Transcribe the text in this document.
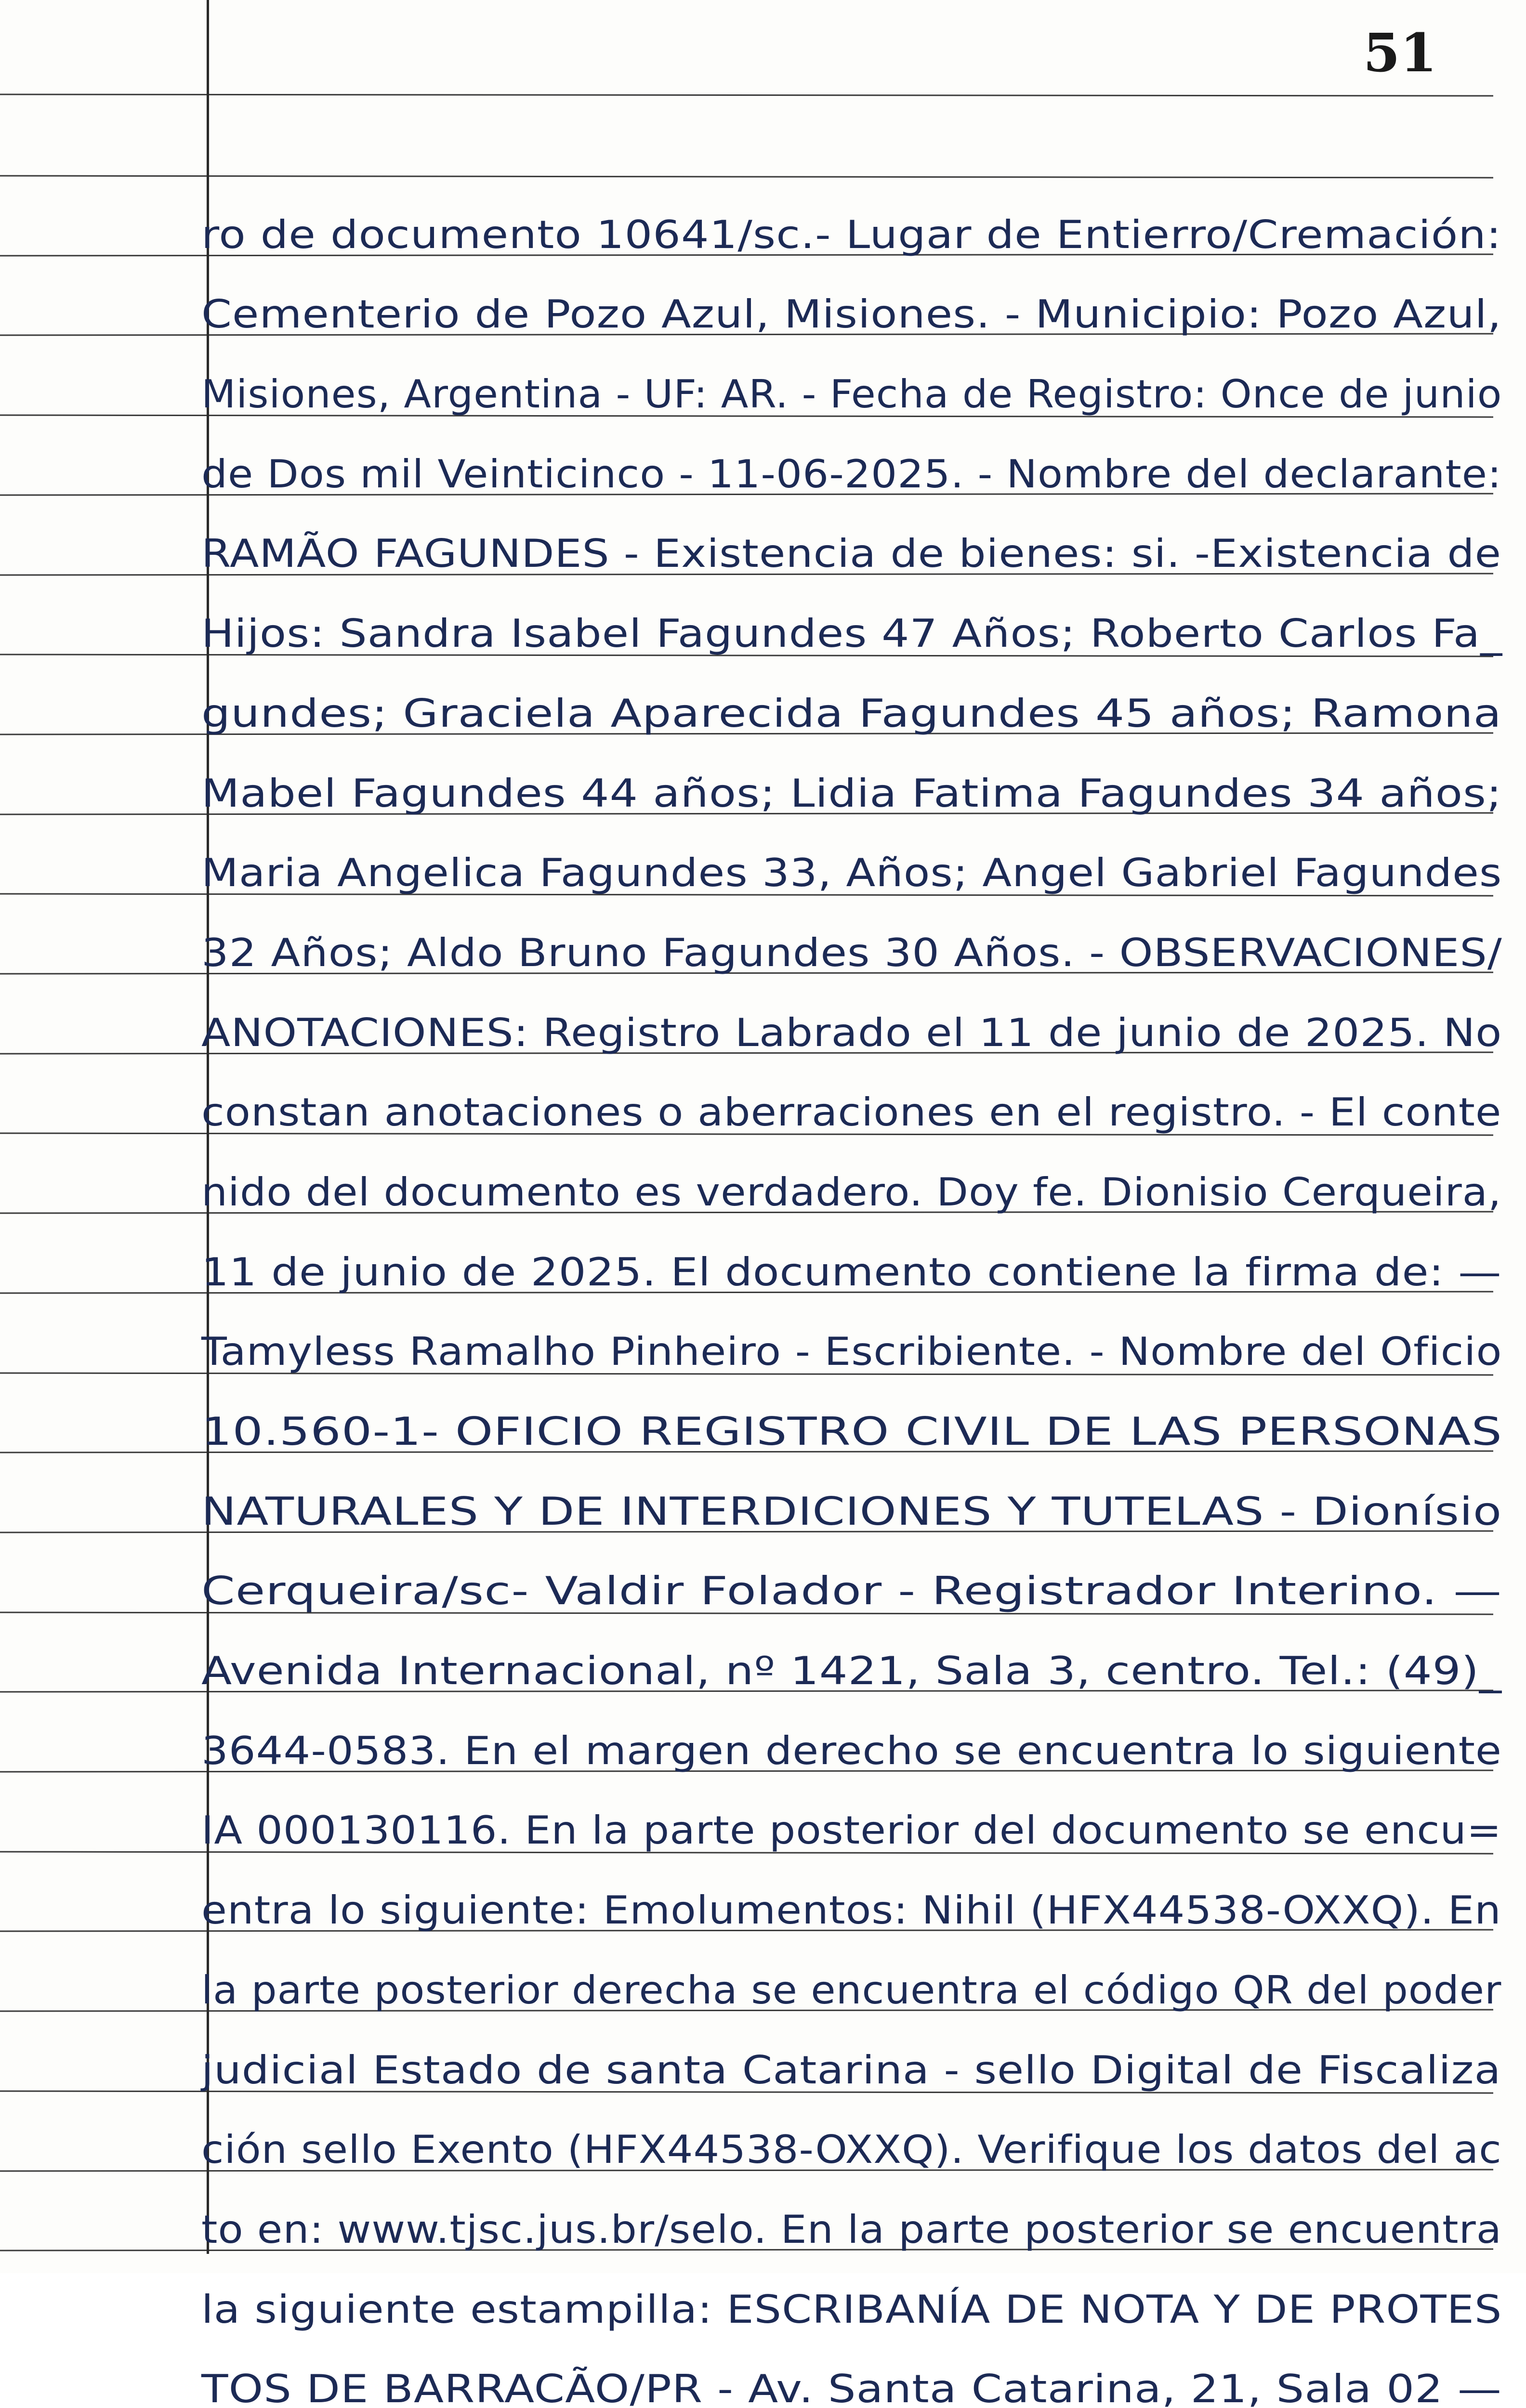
51
ro de documento 10641/sc.- Lugar de Entierro/Cremación:
Cementerio de Pozo Azul, Misiones. - Municipio: Pozo Azul,
Misiones, Argentina - UF: AR. - Fecha de Registro: Once de junio
de Dos mil Veinticinco - 11-06-2025. - Nombre del declarante:
RAMÃO FAGUNDES - Existencia de bienes: si. -Existencia de
Hijos: Sandra Isabel Fagundes 47 Años; Roberto Carlos Fa_
gundes; Graciela Aparecida Fagundes 45 años; Ramona
Mabel Fagundes 44 años; Lidia Fatima Fagundes 34 años;
Maria Angelica Fagundes 33, Años; Angel Gabriel Fagundes
32 Años; Aldo Bruno Fagundes 30 Años. - OBSERVACIONES/
ANOTACIONES: Registro Labrado el 11 de junio de 2025. No
constan anotaciones o aberraciones en el registro. - El conte
nido del documento es verdadero. Doy fe. Dionisio Cerqueira,
11 de junio de 2025. El documento contiene la firma de: —
Tamyless Ramalho Pinheiro - Escribiente. - Nombre del Oficio
10.560-1- OFICIO REGISTRO CIVIL DE LAS PERSONAS
NATURALES Y DE INTERDICIONES Y TUTELAS - Dionísio
Cerqueira/sc- Valdir Folador - Registrador Interino. —
Avenida Internacional, nº 1421, Sala 3, centro. Tel.: (49)_
3644-0583. En el margen derecho se encuentra lo siguiente
IA 000130116. En la parte posterior del documento se encu=
entra lo siguiente: Emolumentos: Nihil (HFX44538-OXXQ). En
la parte posterior derecha se encuentra el código QR del poder
judicial Estado de santa Catarina - sello Digital de Fiscaliza
ción sello Exento (HFX44538-OXXQ). Verifique los datos del ac
to en: www.tjsc.jus.br/selo. En la parte posterior se encuentra
la siguiente estampilla: ESCRIBANÍA DE NOTA Y DE PROTES
TOS DE BARRACÃO/PR - Av. Santa Catarina, 21, Sala 02 —
